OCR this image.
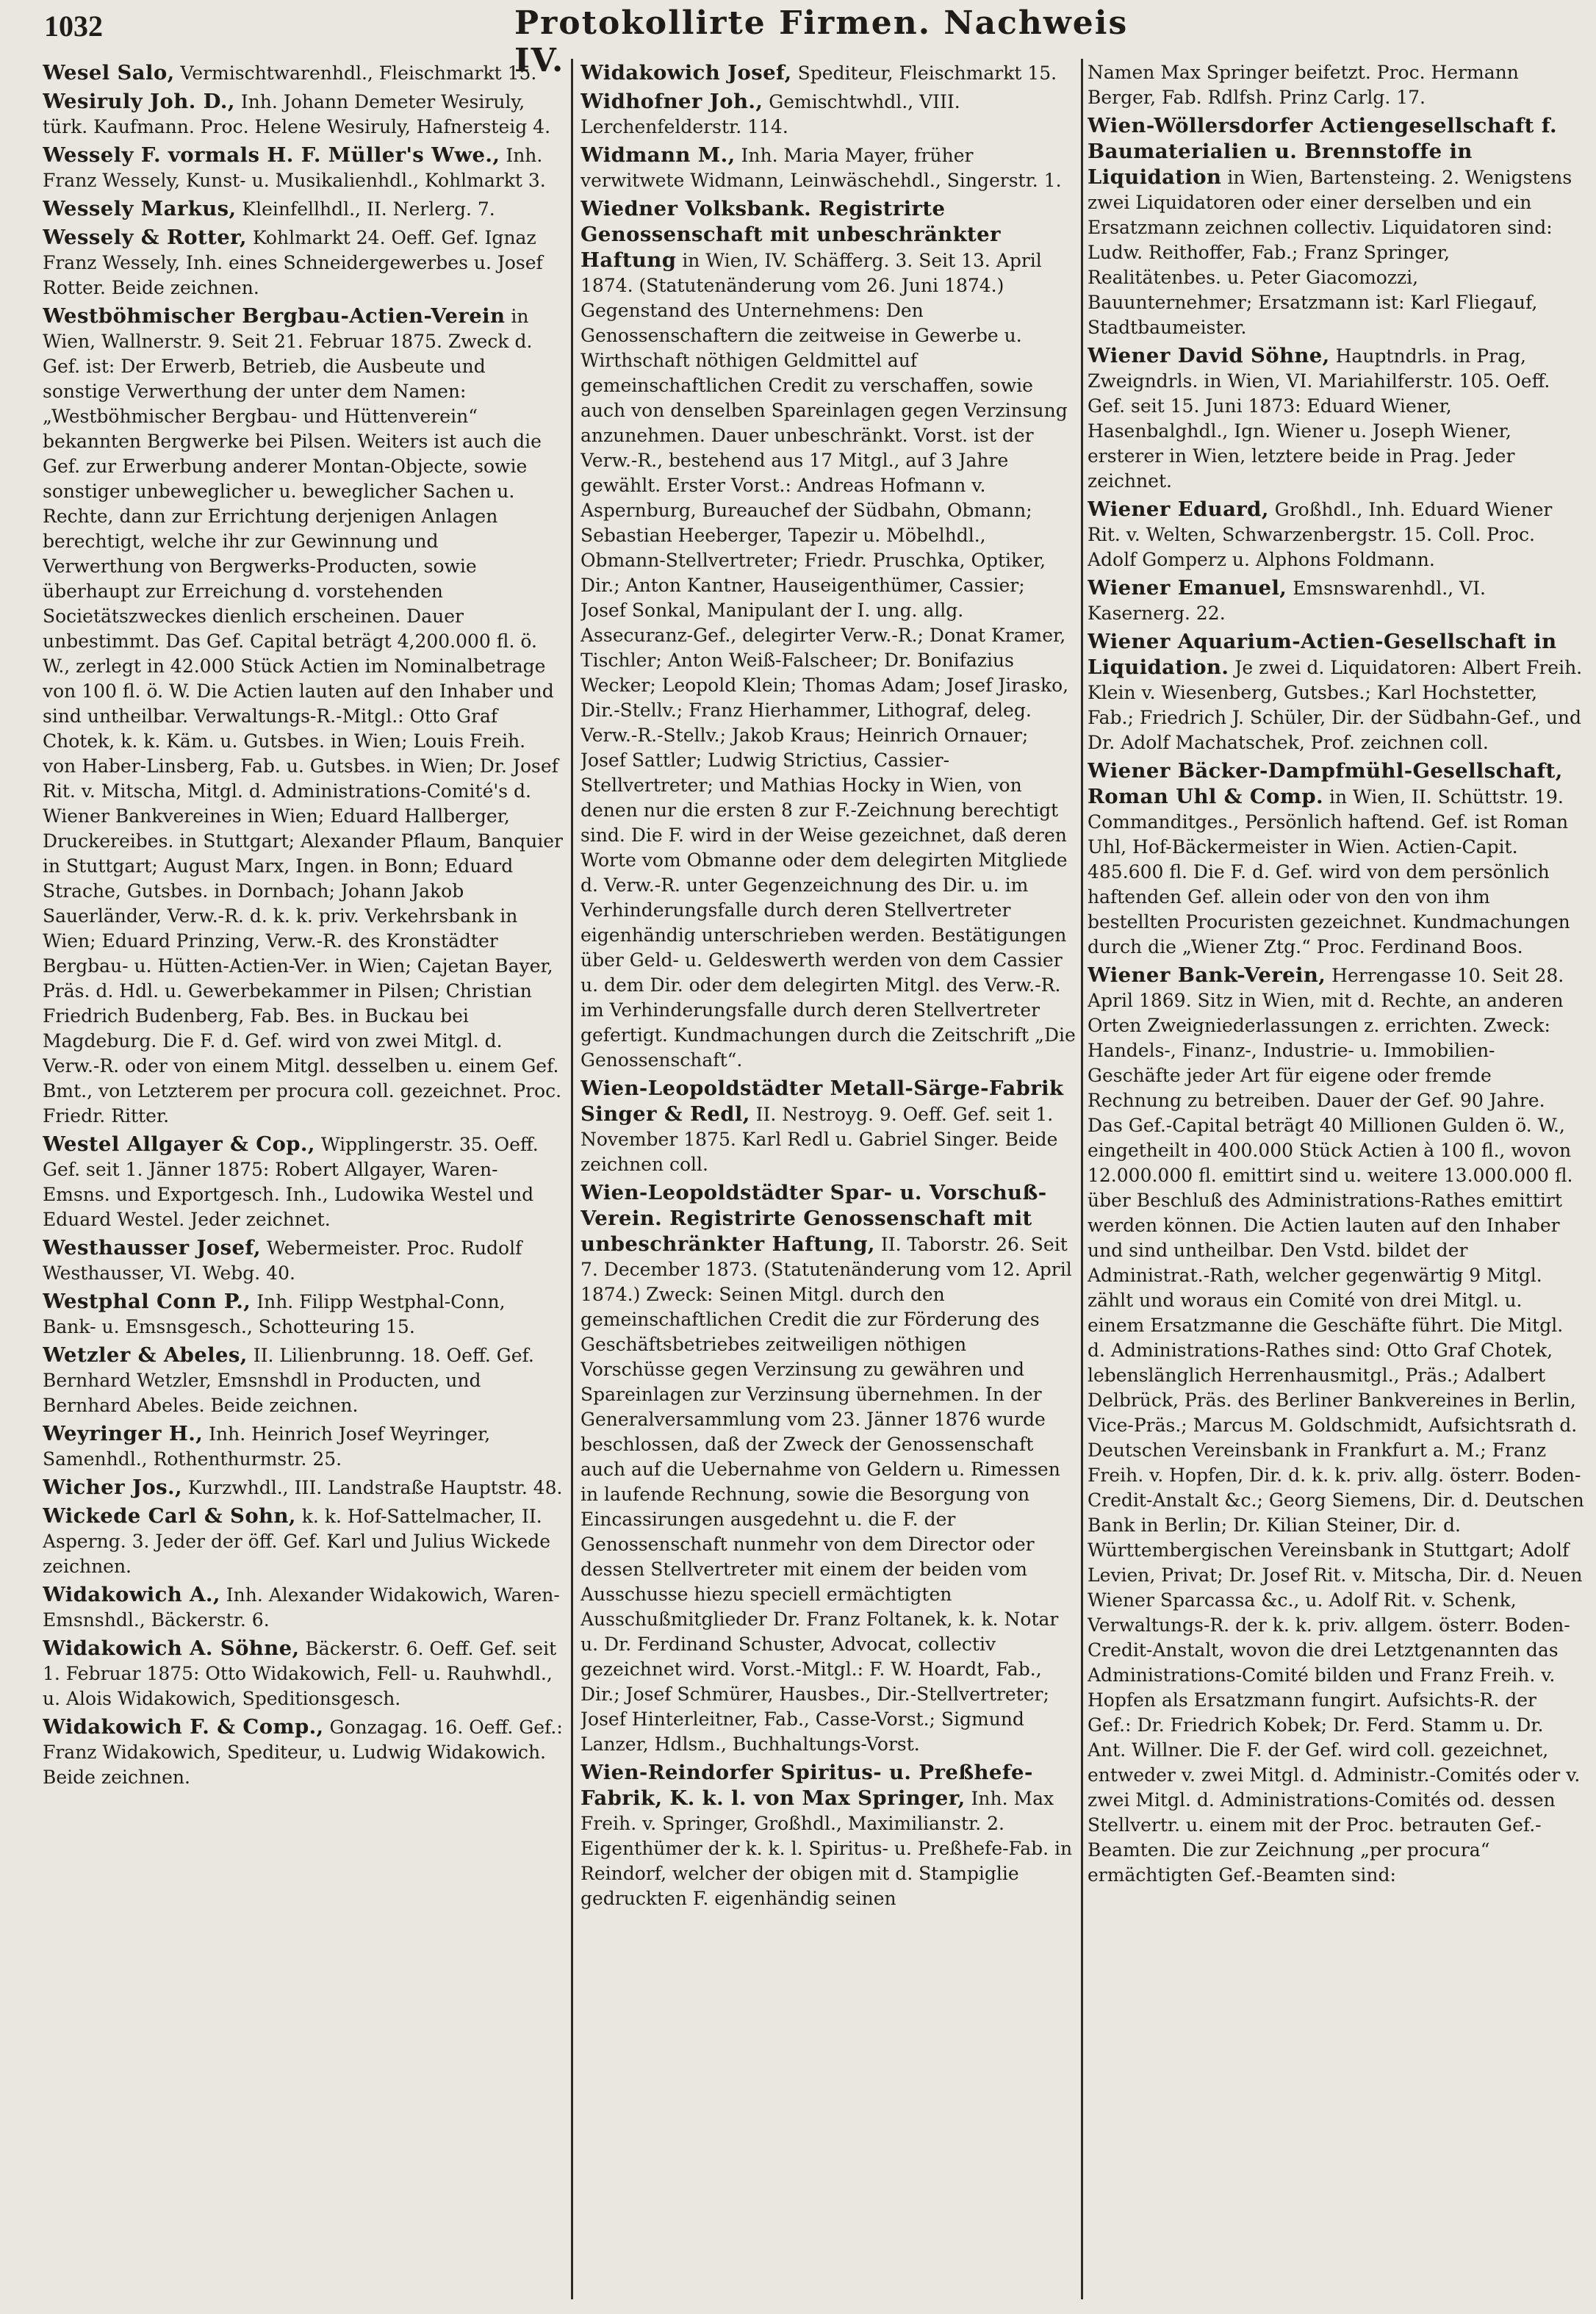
1032	Protokollirte Firmen. Nachweis IV.

Wesel Salo, Vermischtwarenhdl., Fleischmarkt 15.

Wesiruly Joh. D., Inh. Johann Demeter Wesiruly, türk. Kaufmann. Proc. Helene Wesiruly, Hafnersteig 4.

Wessely F. vormals H. F. Müller's Wwe., Inh. Franz Wessely, Kunst- u. Musikalienhdl., Kohlmarkt 3.

Wessely Markus, Kleinfellhdl., II. Nerlerg. 7.

Wessely & Rotter, Kohlmarkt 24. Oeff. Gef. Ignaz Franz Wessely, Inh. eines Schneidergewerbes u. Josef Rotter. Beide zeichnen.

Westböhmischer Bergbau-Actien-Verein in Wien, Wallnerstr. 9. Seit 21. Februar 1875. Zweck d. Gef. ist: Der Erwerb, Betrieb, die Ausbeute und sonstige Verwerthung der unter dem Namen: „Westböhmischer Bergbau- und Hüttenverein“ bekannten Bergwerke bei Pilsen. Weiters ist auch die Gef. zur Erwerbung anderer Montan-Objecte, sowie sonstiger unbeweglicher u. beweglicher Sachen u. Rechte, dann zur Errichtung derjenigen Anlagen berechtigt, welche ihr zur Gewinnung und Verwerthung von Bergwerks-Producten, sowie überhaupt zur Erreichung d. vorstehenden Societätszweckes dienlich erscheinen. Dauer unbestimmt. Das Gef. Capital beträgt 4,200.000 fl. ö. W., zerlegt in 42.000 Stück Actien im Nominalbetrage von 100 fl. ö. W. Die Actien lauten auf den Inhaber und sind untheilbar. Verwaltungs-R.-Mitgl.: Otto Graf Chotek, k. k. Käm. u. Gutsbes. in Wien; Louis Freih. von Haber-Linsberg, Fab. u. Gutsbes. in Wien; Dr. Josef Rit. v. Mitscha, Mitgl. d. Administrations-Comité's d. Wiener Bankvereines in Wien; Eduard Hallberger, Druckereibes. in Stuttgart; Alexander Pflaum, Banquier in Stuttgart; August Marx, Ingen. in Bonn; Eduard Strache, Gutsbes. in Dornbach; Johann Jakob Sauerländer, Verw.-R. d. k. k. priv. Verkehrsbank in Wien; Eduard Prinzing, Verw.-R. des Kronstädter Bergbau- u. Hütten-Actien-Ver. in Wien; Cajetan Bayer, Präs. d. Hdl. u. Gewerbekammer in Pilsen; Christian Friedrich Budenberg, Fab. Bes. in Buckau bei Magdeburg. Die F. d. Gef. wird von zwei Mitgl. d. Verw.-R. oder von einem Mitgl. desselben u. einem Gef. Bmt., von Letzterem per procura coll. gezeichnet. Proc. Friedr. Ritter.

Westel Allgayer & Cop., Wipplingerstr. 35. Oeff. Gef. seit 1. Jänner 1875: Robert Allgayer, Waren-Emsns. und Exportgesch. Inh., Ludowika Westel und Eduard Westel. Jeder zeichnet.

Westhausser Josef, Webermeister. Proc. Rudolf Westhausser, VI. Webg. 40.

Westphal Conn P., Inh. Filipp Westphal-Conn, Bank- u. Emsnsgesch., Schotteuring 15.

Wetzler & Abeles, II. Lilienbrunng. 18. Oeff. Gef. Bernhard Wetzler, Emsnshdl in Producten, und Bernhard Abeles. Beide zeichnen.

Weyringer H., Inh. Heinrich Josef Weyringer, Samenhdl., Rothenthurmstr. 25.

Wicher Jos., Kurzwhdl., III. Landstraße Hauptstr. 48.

Wickede Carl & Sohn, k. k. Hof-Sattelmacher, II. Asperng. 3. Jeder der öff. Gef. Karl und Julius Wickede zeichnen.

Widakowich A., Inh. Alexander Widakowich, Waren-Emsnshdl., Bäckerstr. 6.

Widakowich A. Söhne, Bäckerstr. 6. Oeff. Gef. seit 1. Februar 1875: Otto Widakowich, Fell- u. Rauhwhdl., u. Alois Widakowich, Speditionsgesch.

Widakowich F. & Comp., Gonzagag. 16. Oeff. Gef.: Franz Widakowich, Spediteur, u. Ludwig Widakowich. Beide zeichnen.

Widakowich Josef, Spediteur, Fleischmarkt 15.

Widhofner Joh., Gemischtwhdl., VIII. Lerchenfelderstr. 114.

Widmann M., Inh. Maria Mayer, früher verwitwete Widmann, Leinwäschehdl., Singerstr. 1.

Wiedner Volksbank. Registrirte Genossenschaft mit unbeschränkter Haftung in Wien, IV. Schäfferg. 3. Seit 13. April 1874. (Statutenänderung vom 26. Juni 1874.) Gegenstand des Unternehmens: Den Genossenschaftern die zeitweise in Gewerbe u. Wirthschaft nöthigen Geldmittel auf gemeinschaftlichen Credit zu verschaffen, sowie auch von denselben Spareinlagen gegen Verzinsung anzunehmen. Dauer unbeschränkt. Vorst. ist der Verw.-R., bestehend aus 17 Mitgl., auf 3 Jahre gewählt. Erster Vorst.: Andreas Hofmann v. Aspernburg, Bureauchef der Südbahn, Obmann; Sebastian Heeberger, Tapezir u. Möbelhdl., Obmann-Stellvertreter; Friedr. Pruschka, Optiker, Dir.; Anton Kantner, Hauseigenthümer, Cassier; Josef Sonkal, Manipulant der I. ung. allg. Assecuranz-Gef., delegirter Verw.-R.; Donat Kramer, Tischler; Anton Weiß-Falscheer; Dr. Bonifazius Wecker; Leopold Klein; Thomas Adam; Josef Jirasko, Dir.-Stellv.; Franz Hierhammer, Lithograf, deleg. Verw.-R.-Stellv.; Jakob Kraus; Heinrich Ornauer; Josef Sattler; Ludwig Strictius, Cassier-Stellvertreter; und Mathias Hocky in Wien, von denen nur die ersten 8 zur F.-Zeichnung berechtigt sind. Die F. wird in der Weise gezeichnet, daß deren Worte vom Obmanne oder dem delegirten Mitgliede d. Verw.-R. unter Gegenzeichnung des Dir. u. im Verhinderungsfalle durch deren Stellvertreter eigenhändig unterschrieben werden. Bestätigungen über Geld- u. Geldeswerth werden von dem Cassier u. dem Dir. oder dem delegirten Mitgl. des Verw.-R. im Verhinderungsfalle durch deren Stellvertreter gefertigt. Kundmachungen durch die Zeitschrift „Die Genossenschaft“.

Wien-Leopoldstädter Metall-Särge-Fabrik Singer & Redl, II. Nestroyg. 9. Oeff. Gef. seit 1. November 1875. Karl Redl u. Gabriel Singer. Beide zeichnen coll.

Wien-Leopoldstädter Spar- u. Vorschuß-Verein. Registrirte Genossenschaft mit unbeschränkter Haftung, II. Taborstr. 26. Seit 7. December 1873. (Statutenänderung vom 12. April 1874.) Zweck: Seinen Mitgl. durch den gemeinschaftlichen Credit die zur Förderung des Geschäftsbetriebes zeitweiligen nöthigen Vorschüsse gegen Verzinsung zu gewähren und Spareinlagen zur Verzinsung übernehmen. In der Generalversammlung vom 23. Jänner 1876 wurde beschlossen, daß der Zweck der Genossenschaft auch auf die Uebernahme von Geldern u. Rimessen in laufende Rechnung, sowie die Besorgung von Eincassirungen ausgedehnt u. die F. der Genossenschaft nunmehr von dem Director oder dessen Stellvertreter mit einem der beiden vom Ausschusse hiezu speciell ermächtigten Ausschußmitglieder Dr. Franz Foltanek, k. k. Notar u. Dr. Ferdinand Schuster, Advocat, collectiv gezeichnet wird. Vorst.-Mitgl.: F. W. Hoardt, Fab., Dir.; Josef Schmürer, Hausbes., Dir.-Stellvertreter; Josef Hinterleitner, Fab., Casse-Vorst.; Sigmund Lanzer, Hdlsm., Buchhaltungs-Vorst.

Wien-Reindorfer Spiritus- u. Preßhefe-Fabrik, K. k. l. von Max Springer, Inh. Max Freih. v. Springer, Großhdl., Maximilianstr. 2. Eigenthümer der k. k. l. Spiritus- u. Preßhefe-Fab. in Reindorf, welcher der obigen mit d. Stampiglie gedruckten F. eigenhändig seinen

Namen Max Springer beifetzt. Proc. Hermann Berger, Fab. Rdlfsh. Prinz Carlg. 17.

Wien-Wöllersdorfer Actiengesellschaft f. Baumaterialien u. Brennstoffe in Liquidation in Wien, Bartensteing. 2. Wenigstens zwei Liquidatoren oder einer derselben und ein Ersatzmann zeichnen collectiv. Liquidatoren sind: Ludw. Reithoffer, Fab.; Franz Springer, Realitätenbes. u. Peter Giacomozzi, Bauunternehmer; Ersatzmann ist: Karl Fliegauf, Stadtbaumeister.

Wiener David Söhne, Hauptndrls. in Prag, Zweigndrls. in Wien, VI. Mariahilferstr. 105. Oeff. Gef. seit 15. Juni 1873: Eduard Wiener, Hasenbalghdl., Ign. Wiener u. Joseph Wiener, ersterer in Wien, letztere beide in Prag. Jeder zeichnet.

Wiener Eduard, Großhdl., Inh. Eduard Wiener Rit. v. Welten, Schwarzenbergstr. 15. Coll. Proc. Adolf Gomperz u. Alphons Foldmann.

Wiener Emanuel, Emsnswarenhdl., VI. Kasernerg. 22.

Wiener Aquarium-Actien-Gesellschaft in Liquidation. Je zwei d. Liquidatoren: Albert Freih. Klein v. Wiesenberg, Gutsbes.; Karl Hochstetter, Fab.; Friedrich J. Schüler, Dir. der Südbahn-Gef., und Dr. Adolf Machatschek, Prof. zeichnen coll.

Wiener Bäcker-Dampfmühl-Gesellschaft, Roman Uhl & Comp. in Wien, II. Schüttstr. 19. Commanditges., Persönlich haftend. Gef. ist Roman Uhl, Hof-Bäckermeister in Wien. Actien-Capit. 485.600 fl. Die F. d. Gef. wird von dem persönlich haftenden Gef. allein oder von den von ihm bestellten Procuristen gezeichnet. Kundmachungen durch die „Wiener Ztg.“ Proc. Ferdinand Boos.

Wiener Bank-Verein, Herrengasse 10. Seit 28. April 1869. Sitz in Wien, mit d. Rechte, an anderen Orten Zweigniederlassungen z. errichten. Zweck: Handels-, Finanz-, Industrie- u. Immobilien-Geschäfte jeder Art für eigene oder fremde Rechnung zu betreiben. Dauer der Gef. 90 Jahre. Das Gef.-Capital beträgt 40 Millionen Gulden ö. W., eingetheilt in 400.000 Stück Actien à 100 fl., wovon 12.000.000 fl. emittirt sind u. weitere 13.000.000 fl. über Beschluß des Administrations-Rathes emittirt werden können. Die Actien lauten auf den Inhaber und sind untheilbar. Den Vstd. bildet der Administrat.-Rath, welcher gegenwärtig 9 Mitgl. zählt und woraus ein Comité von drei Mitgl. u. einem Ersatzmanne die Geschäfte führt. Die Mitgl. d. Administrations-Rathes sind: Otto Graf Chotek, lebenslänglich Herrenhausmitgl., Präs.; Adalbert Delbrück, Präs. des Berliner Bankvereines in Berlin, Vice-Präs.; Marcus M. Goldschmidt, Aufsichtsrath d. Deutschen Vereinsbank in Frankfurt a. M.; Franz Freih. v. Hopfen, Dir. d. k. k. priv. allg. österr. Boden-Credit-Anstalt &c.; Georg Siemens, Dir. d. Deutschen Bank in Berlin; Dr. Kilian Steiner, Dir. d. Württembergischen Vereinsbank in Stuttgart; Adolf Levien, Privat; Dr. Josef Rit. v. Mitscha, Dir. d. Neuen Wiener Sparcassa &c., u. Adolf Rit. v. Schenk, Verwaltungs-R. der k. k. priv. allgem. österr. Boden-Credit-Anstalt, wovon die drei Letztgenannten das Administrations-Comité bilden und Franz Freih. v. Hopfen als Ersatzmann fungirt. Aufsichts-R. der Gef.: Dr. Friedrich Kobek; Dr. Ferd. Stamm u. Dr. Ant. Willner. Die F. der Gef. wird coll. gezeichnet, entweder v. zwei Mitgl. d. Administr.-Comités oder v. zwei Mitgl. d. Administrations-Comités od. dessen Stellvertr. u. einem mit der Proc. betrauten Gef.-Beamten. Die zur Zeichnung „per procura“ ermächtigten Gef.-Beamten sind:
